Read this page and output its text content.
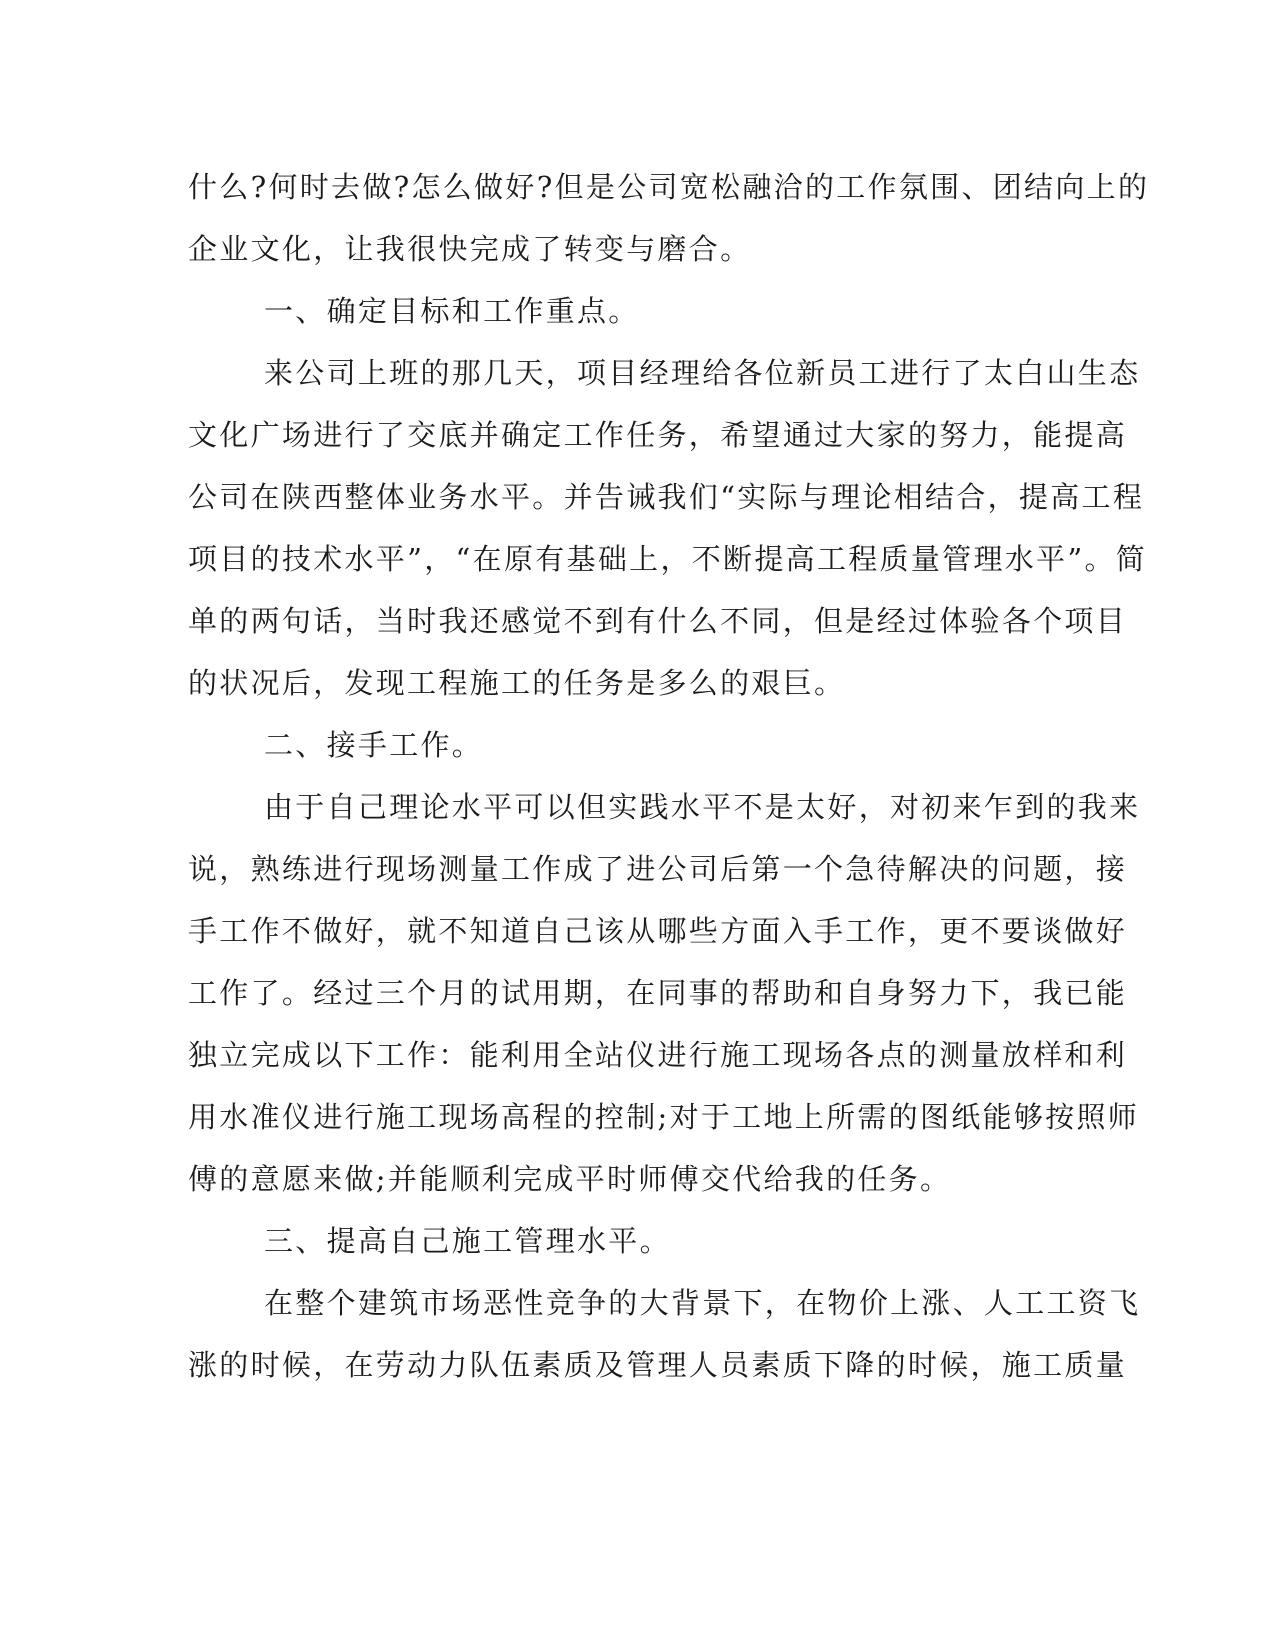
什么?何时去做?怎么做好?但是公司宽松融洽的工作氛围、团结向上的
企业文化，让我很快完成了转变与磨合。
一、确定目标和工作重点。
来公司上班的那几天，项目经理给各位新员工进行了太白山生态
文化广场进行了交底并确定工作任务，希望通过大家的努力，能提高
公司在陕西整体业务水平。并告诫我们“实际与理论相结合，提高工程
项目的技术水平”，“在原有基础上，不断提高工程质量管理水平”。简
单的两句话，当时我还感觉不到有什么不同，但是经过体验各个项目
的状况后，发现工程施工的任务是多么的艰巨。
二、接手工作。
由于自己理论水平可以但实践水平不是太好，对初来乍到的我来
说，熟练进行现场测量工作成了进公司后第一个急待解决的问题，接
手工作不做好，就不知道自己该从哪些方面入手工作，更不要谈做好
工作了。经过三个月的试用期，在同事的帮助和自身努力下，我已能
独立完成以下工作：能利用全站仪进行施工现场各点的测量放样和利
用水准仪进行施工现场高程的控制;对于工地上所需的图纸能够按照师
傅的意愿来做;并能顺利完成平时师傅交代给我的任务。
三、提高自己施工管理水平。
在整个建筑市场恶性竞争的大背景下，在物价上涨、人工工资飞
涨的时候，在劳动力队伍素质及管理人员素质下降的时候，施工质量
